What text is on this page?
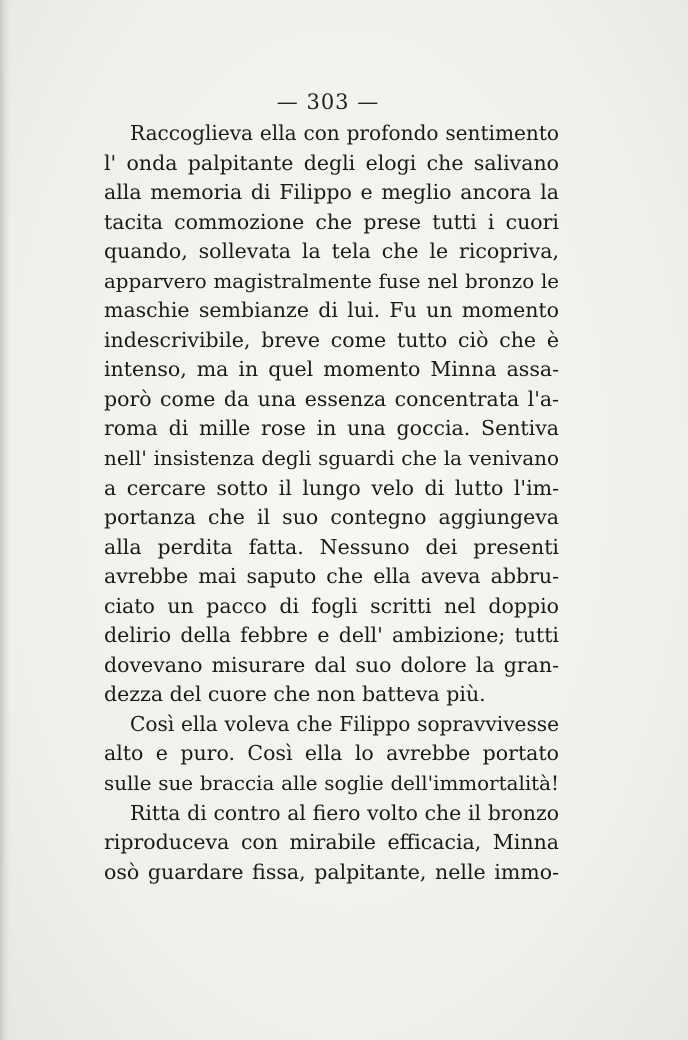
— 303 —
Raccoglieva ella con profondo sentimento
l' onda palpitante degli elogi che salivano
alla memoria di Filippo e meglio ancora la
tacita commozione che prese tutti i cuori
quando, sollevata la tela che le ricopriva,
apparvero magistralmente fuse nel bronzo le
maschie sembianze di lui. Fu un momento
indescrivibile, breve come tutto ciò che è
intenso, ma in quel momento Minna assa-
porò come da una essenza concentrata l'a-
roma di mille rose in una goccia. Sentiva
nell' insistenza degli sguardi che la venivano
a cercare sotto il lungo velo di lutto l'im-
portanza che il suo contegno aggiungeva
alla perdita fatta. Nessuno dei presenti
avrebbe mai saputo che ella aveva abbru-
ciato un pacco di fogli scritti nel doppio
delirio della febbre e dell' ambizione; tutti
dovevano misurare dal suo dolore la gran-
dezza del cuore che non batteva più.
Così ella voleva che Filippo sopravvivesse
alto e puro. Così ella lo avrebbe portato
sulle sue braccia alle soglie dell'immortalità!
Ritta di contro al fiero volto che il bronzo
riproduceva con mirabile efficacia, Minna
osò guardare fissa, palpitante, nelle immo-
